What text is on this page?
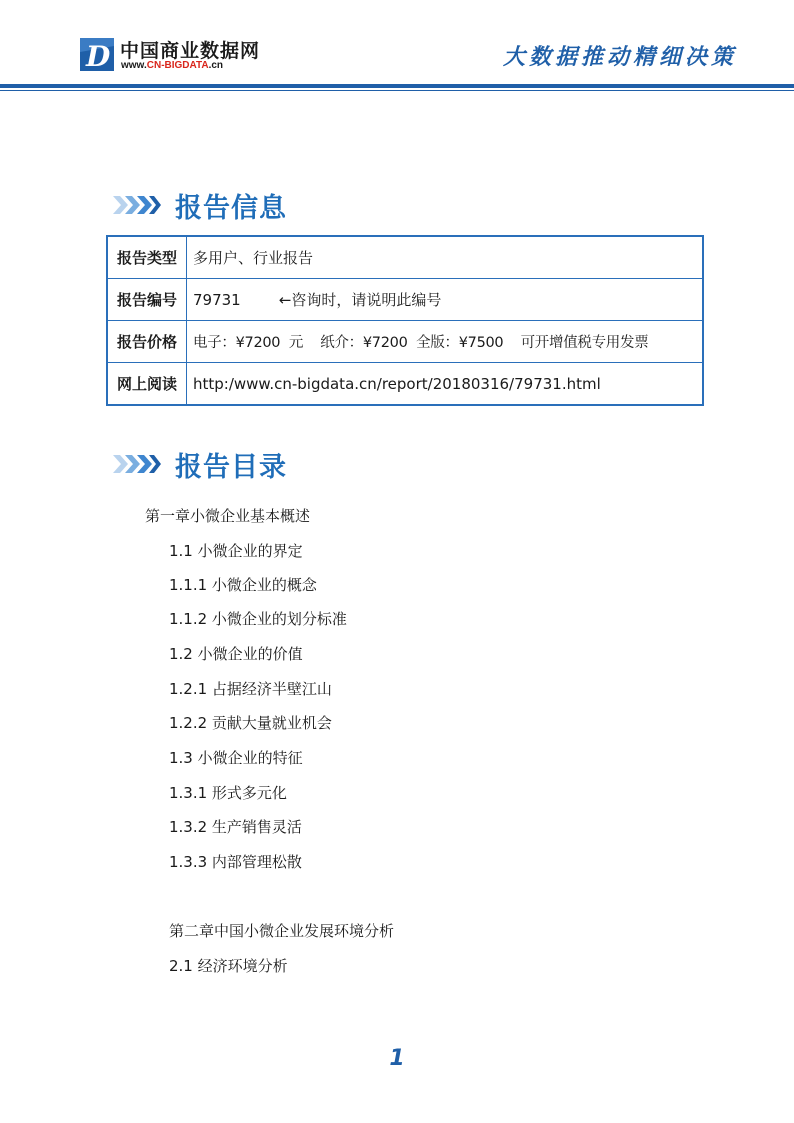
D 中国商业数据网
www.CN-BIGDATA.cn	大数据推动精细决策
报告信息
报告类型	多用户、行业报告
报告编号	79731        ←咨询时，请说明此编号
报告价格	电子：¥7200  元    纸介：¥7200  全版：¥7500    可开增值税专用发票
网上阅读	http:/www.cn-bigdata.cn/report/20180316/79731.html
报告目录
第一章小微企业基本概述
1.1 小微企业的界定
1.1.1 小微企业的概念
1.1.2 小微企业的划分标准
1.2 小微企业的价值
1.2.1 占据经济半壁江山
1.2.2 贡献大量就业机会
1.3 小微企业的特征
1.3.1 形式多元化
1.3.2 生产销售灵活
1.3.3 内部管理松散
第二章中国小微企业发展环境分析
2.1 经济环境分析
1
